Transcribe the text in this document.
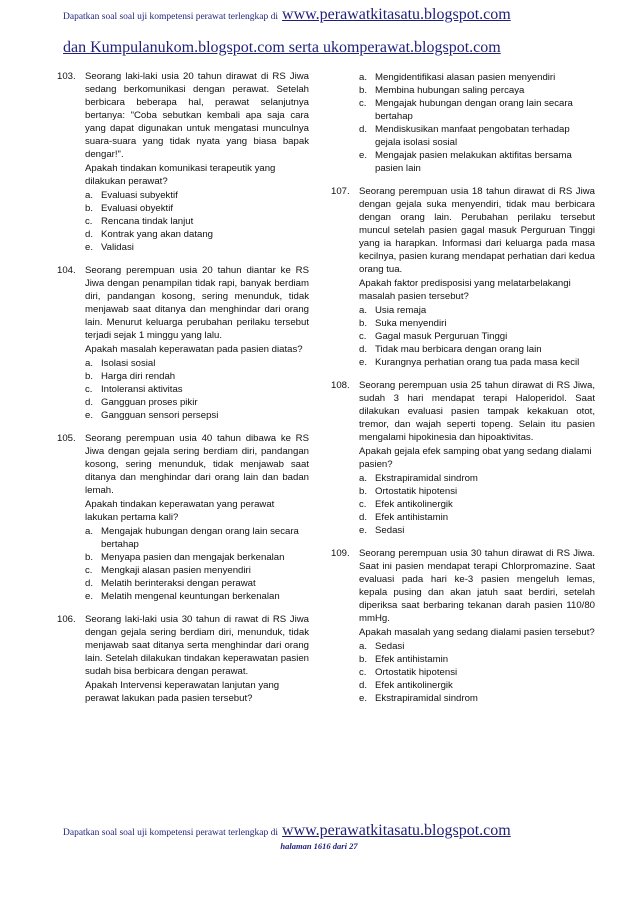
Dapatkan soal soal uji kompetensi perawat terlengkap di www.perawatkitasatu.blogspot.com
dan Kumpulanukom.blogspot.com serta ukomperawat.blogspot.com
103. Seorang laki-laki usia 20 tahun dirawat di RS Jiwa sedang berkomunikasi dengan perawat. Setelah berbicara beberapa hal, perawat selanjutnya bertanya: "Coba sebutkan kembali apa saja cara yang dapat digunakan untuk mengatasi munculnya suara-suara yang tidak nyata yang biasa bapak dengar!".
Apakah tindakan komunikasi terapeutik yang dilakukan perawat?
a. Evaluasi subyektif
b. Evaluasi obyektif
c. Rencana tindak lanjut
d. Kontrak yang akan datang
e. Validasi
104. Seorang perempuan usia 20 tahun diantar ke RS Jiwa dengan penampilan tidak rapi, banyak berdiam diri, pandangan kosong, sering menunduk, tidak menjawab saat ditanya dan menghindar dari orang lain. Menurut keluarga perubahan perilaku tersebut terjadi sejak 1 minggu yang lalu.
Apakah masalah keperawatan pada pasien diatas?
a. Isolasi sosial
b. Harga diri rendah
c. Intoleransi aktivitas
d. Gangguan proses pikir
e. Gangguan sensori persepsi
105. Seorang perempuan usia 40 tahun dibawa ke RS Jiwa dengan gejala sering berdiam diri, pandangan kosong, sering menunduk, tidak menjawab saat ditanya dan menghindar dari orang lain dan badan lemah.
Apakah tindakan keperawatan yang perawat lakukan pertama kali?
a. Mengajak hubungan dengan orang lain secara bertahap
b. Menyapa pasien dan mengajak berkenalan
c. Mengkaji alasan pasien menyendiri
d. Melatih berinteraksi dengan perawat
e. Melatih mengenal keuntungan berkenalan
106. Seorang laki-laki usia 30 tahun di rawat di RS Jiwa dengan gejala sering berdiam diri, menunduk, tidak menjawab saat ditanya serta menghindar dari orang lain. Setelah dilakukan tindakan keperawatan pasien sudah bisa berbicara dengan perawat.
Apakah Intervensi keperawatan lanjutan yang perawat lakukan pada pasien tersebut?
a. Mengidentifikasi alasan pasien menyendiri
b. Membina hubungan saling percaya
c. Mengajak hubungan dengan orang lain secara bertahap
d. Mendiskusikan manfaat pengobatan terhadap gejala isolasi sosial
e. Mengajak pasien melakukan aktifitas bersama pasien lain
107. Seorang perempuan usia 18 tahun dirawat di RS Jiwa dengan gejala suka menyendiri, tidak mau berbicara dengan orang lain. Perubahan perilaku tersebut muncul setelah pasien gagal masuk Perguruan Tinggi yang ia harapkan. Informasi dari keluarga pada masa kecilnya, pasien kurang mendapat perhatian dari kedua orang tua.
Apakah faktor predisposisi yang melatarbelakangi masalah pasien tersebut?
a. Usia remaja
b. Suka menyendiri
c. Gagal masuk Perguruan Tinggi
d. Tidak mau berbicara dengan orang lain
e. Kurangnya perhatian orang tua pada masa kecil
108. Seorang perempuan usia 25 tahun dirawat di RS Jiwa, sudah 3 hari mendapat terapi Haloperidol. Saat dilakukan evaluasi pasien tampak kekakuan otot, tremor, dan wajah seperti topeng. Selain itu pasien mengalami hipokinesia dan hipoaktivitas.
Apakah gejala efek samping obat yang sedang dialami pasien?
a. Ekstrapiramidal sindrom
b. Ortostatik hipotensi
c. Efek antikolinergik
d. Efek antihistamin
e. Sedasi
109. Seorang perempuan usia 30 tahun dirawat di RS Jiwa. Saat ini pasien mendapat terapi Chlorpromazine. Saat evaluasi pada hari ke-3 pasien mengeluh lemas, kepala pusing dan akan jatuh saat berdiri, setelah diperiksa saat berbaring tekanan darah pasien 110/80 mmHg.
Apakah masalah yang sedang dialami pasien tersebut?
a. Sedasi
b. Efek antihistamin
c. Ortostatik hipotensi
d. Efek antikolinergik
e. Ekstrapiramidal sindrom
Dapatkan soal soal uji kompetensi perawat terlengkap di www.perawatkitasatu.blogspot.com
halaman 1616 dari 27
